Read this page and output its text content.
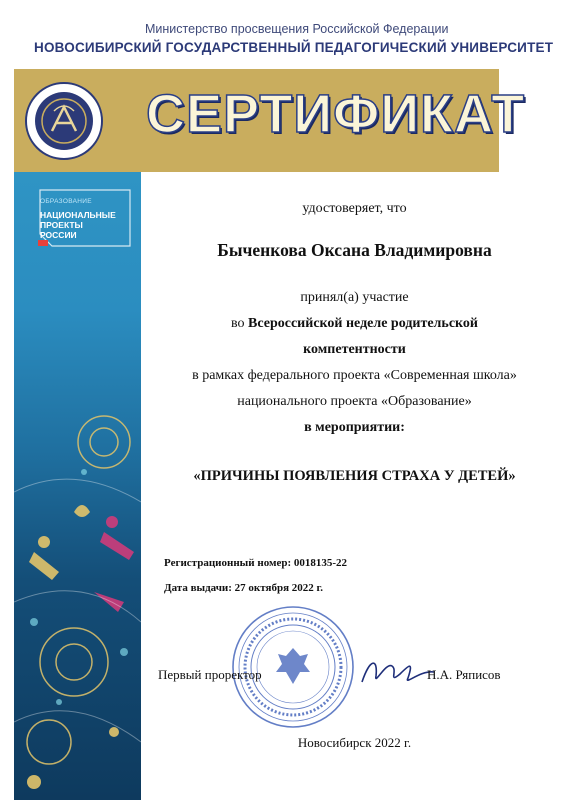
Министерство просвещения Российской Федерации
НОВОСИБИРСКИЙ ГОСУДАРСТВЕННЫЙ ПЕДАГОГИЧЕСКИЙ УНИВЕРСИТЕТ
СЕРТИФИКАТ
ОБРАЗОВАНИЕ
НАЦИОНАЛЬНЫЕ ПРОЕКТЫ РОССИИ
удостоверяет, что
Быченкова Оксана Владимировна
принял(а) участие
во Всероссийской неделе родительской
компетентности
в рамках федерального проекта «Современная школа»
национального проекта «Образование»
в мероприятии:
«ПРИЧИНЫ ПОЯВЛЕНИЯ СТРАХА У ДЕТЕЙ»
Регистрационный номер: 0018135-22
Дата выдачи: 27 октября 2022 г.
Первый проректор	Н.А. Ряписов
Новосибирск 2022 г.
